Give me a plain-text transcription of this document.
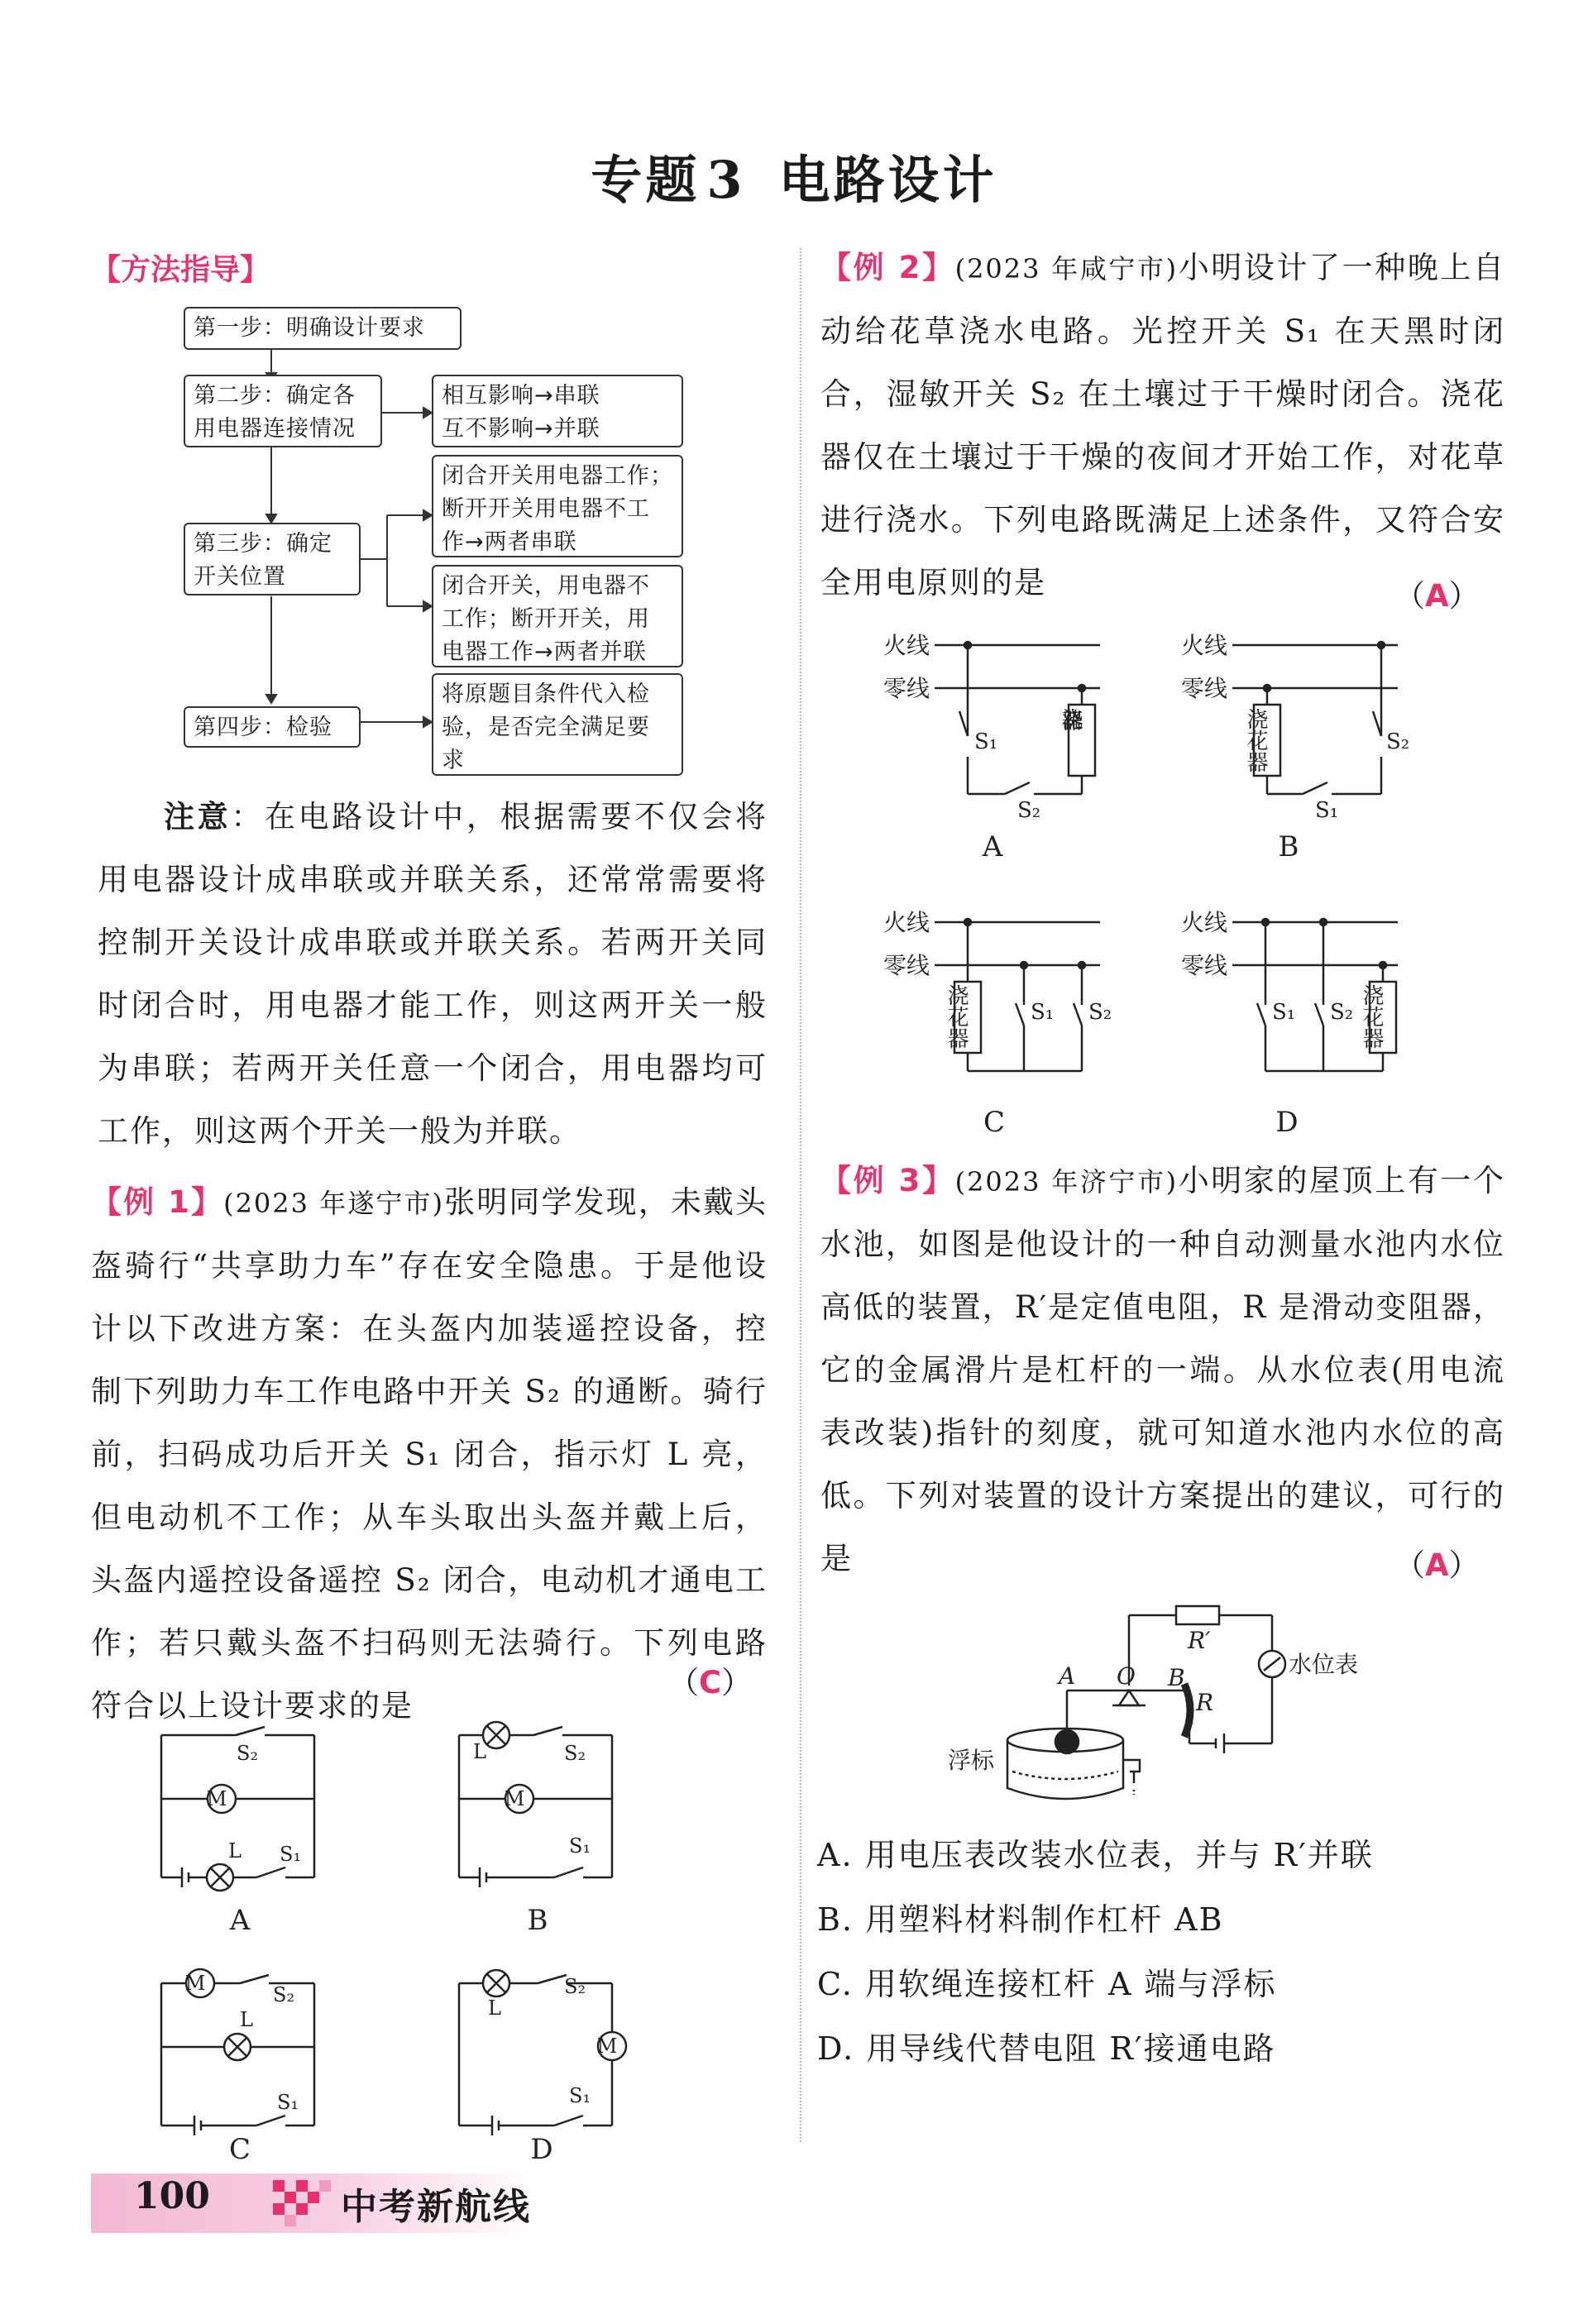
专题 3 电路设计
【方法指导】
第一步：明确设计要求
第二步：确定各
用电器连接情况
相互影响→串联
互不影响→并联
第三步：确定
开关位置
闭合开关用电器工作；
断开开关用电器不工
作→两者串联
闭合开关，用电器不
工作；断开开关，用
电器工作→两者并联
第四步：检验
将原题目条件代入检
验，是否完全满足要
求
注意：在电路设计中，根据需要不仅会将用电器设计成串联或并联关系，还常常需要将控制开关设计成串联或并联关系。若两开关同时闭合时，用电器才能工作，则这两开关一般为串联；若两开关任意一个闭合，用电器均可工作，则这两个开关一般为并联。
【例 1】(2023 年遂宁市)张明同学发现，未戴头盔骑行“共享助力车”存在安全隐患。于是他设计以下改进方案：在头盔内加装遥控设备，控制下列助力车工作电路中开关 S₂ 的通断。骑行前，扫码成功后开关 S₁ 闭合，指示灯 L 亮，但电动机不工作；从车头取出头盔并戴上后，头盔内遥控设备遥控 S₂ 闭合，电动机才通电工作；若只戴头盔不扫码则无法骑行。下列电路符合以上设计要求的是
（C）
M	M
M
M
L
L
L	L
S₂
S₁
S₂
S₁
S₂
S₁
S₂
S₁
A	B
C	D
【例 2】(2023 年咸宁市)小明设计了一种晚上自动给花草浇水电路。光控开关 S₁ 在天黑时闭合，湿敏开关 S₂ 在土壤过于干燥时闭合。浇花器仅在土壤过于干燥的夜间才开始工作，对花草进行浇水。下列电路既满足上述条件，又符合安全用电原则的是	（A）
火线
零线
火线
零线
火线
零线
火线
零线
浇花器	浇花器
浇花器	浇花器
S₁
S₂
S₂
S₁
S₁ S₂	S₁ S₂
A	B
C	D
【例 3】(2023 年济宁市)小明家的屋顶上有一个水池，如图是他设计的一种自动测量水池内水位高低的装置，R′是定值电阻，R 是滑动变阻器，它的金属滑片是杠杆的一端。从水位表(用电流表改装)指针的刻度，就可知道水池内水位的高低。下列对装置的设计方案提出的建议，可行的是	（A）
R′
水位表
A O B
R
浮标
A. 用电压表改装水位表，并与 R′并联
B. 用塑料材料制作杠杆 AB
C. 用软绳连接杠杆 A 端与浮标
D. 用导线代替电阻 R′接通电路
100	中考新航线
